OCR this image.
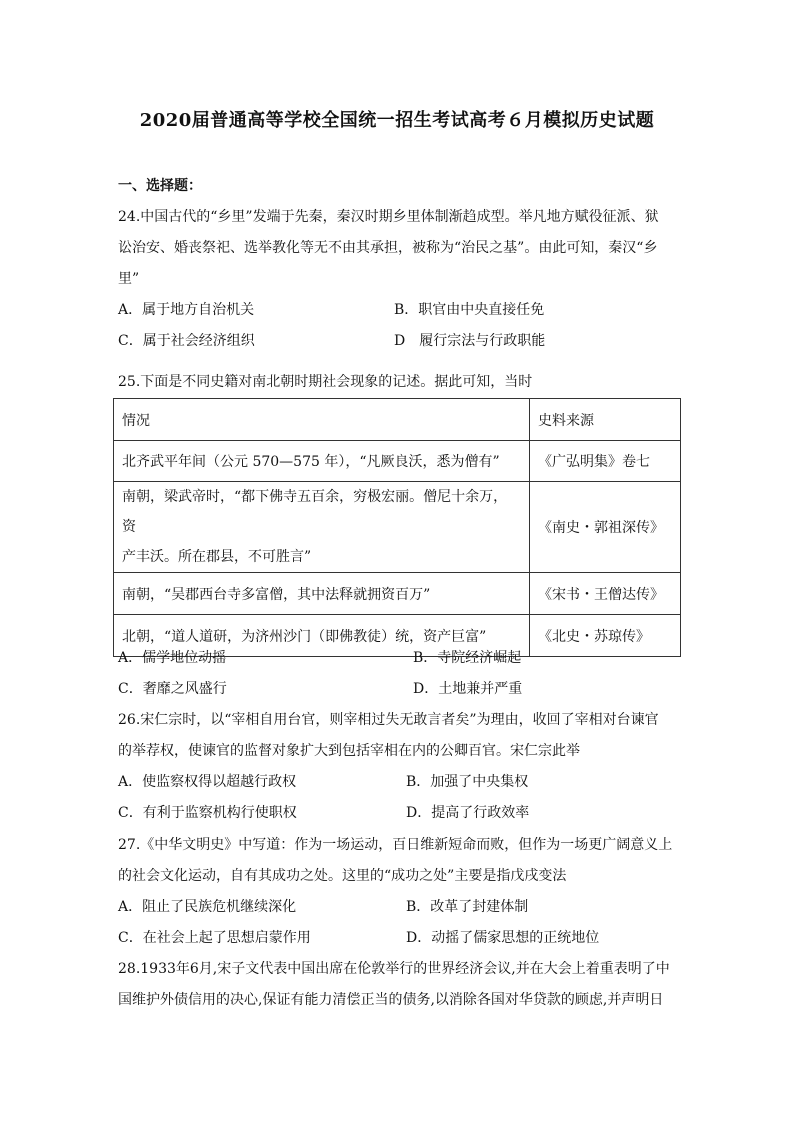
2020届普通高等学校全国统一招生考试高考６月模拟历史试题
一、选择题：
24.中国古代的“乡里”发端于先秦，秦汉时期乡里体制渐趋成型。举凡地方赋役征派、狱
讼治安、婚丧祭祀、选举教化等无不由其承担，被称为“治民之基”。由此可知，秦汉“乡
里”
A．属于地方自治机关	B．职官由中央直接任免
C．属于社会经济组织	D　履行宗法与行政职能
25.下面是不同史籍对南北朝时期社会现象的记述。据此可知，当时
情况	史料来源
北齐武平年间（公元 570—575 年），“凡厥良沃，悉为僧有”	《广弘明集》卷七

南朝，梁武帝时，“都下佛寺五百余，穷极宏丽。僧尼十余万，资
产丰沃。所在郡县，不可胜言”	《南史・郭祖深传》
南朝，“吴郡西台寺多富僧，其中法释就拥资百万”	《宋书・王僧达传》
北朝，“道人道研，为济州沙门（即佛教徒）统，资产巨富”	《北史・苏琼传》
A．儒学地位动摇	B．寺院经济崛起
C．奢靡之风盛行	D．土地兼并严重
26.宋仁宗时，以“宰相自用台官，则宰相过失无敢言者矣”为理由，收回了宰相对台谏官
的举荐权，使谏官的监督对象扩大到包括宰相在内的公卿百官。宋仁宗此举
A．使监察权得以超越行政权	B．加强了中央集权
C．有利于监察机构行使职权	D．提高了行政效率
27.《中华文明史》中写道：作为一场运动，百日维新短命而败，但作为一场更广阔意义上
的社会文化运动，自有其成功之处。这里的“成功之处”主要是指戊戌变法
A．阻止了民族危机继续深化	B．改革了封建体制
C．在社会上起了思想启蒙作用	D．动摇了儒家思想的正统地位
28.1933年6月,宋子文代表中国出席在伦敦举行的世界经济会议,并在大会上着重表明了中
国维护外债信用的决心,保证有能力清偿正当的债务,以消除各国对华贷款的顾虑,并声明日
